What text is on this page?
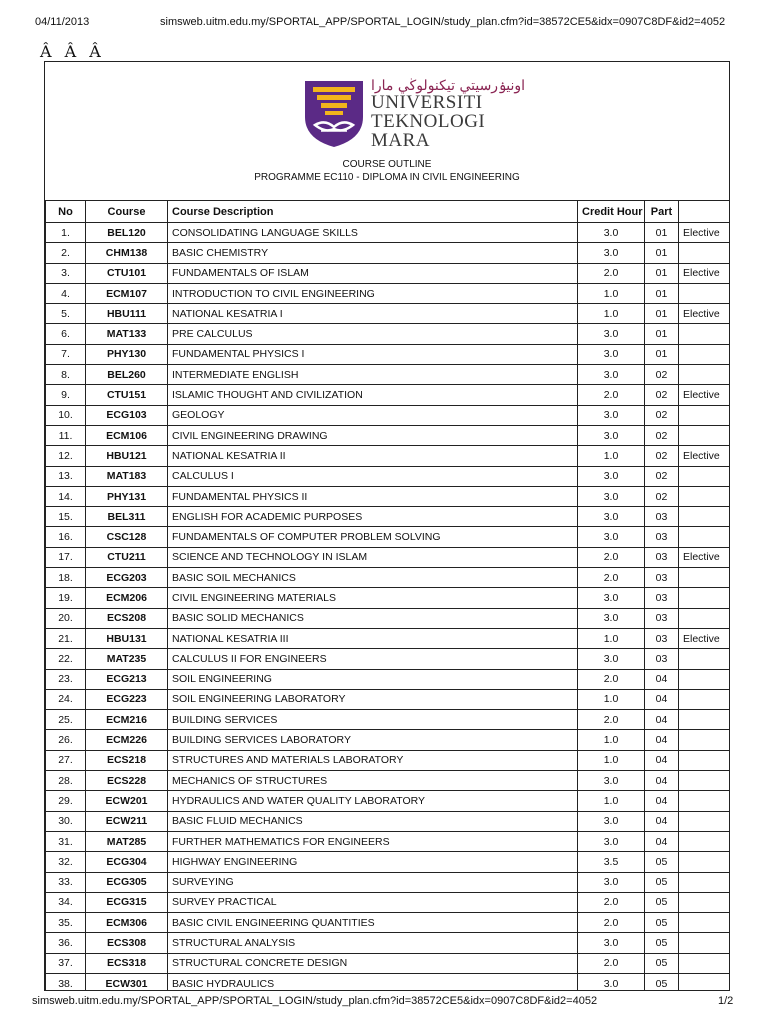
04/11/2013	simsweb.uitm.edu.my/SPORTAL_APP/SPORTAL_LOGIN/study_plan.cfm?id=38572CE5&idx=0907C8DF&id2=4052
Â Â Â
اونيۏرسيتي تيكنولوڬي مارا
UNIVERSITI
TEKNOLOGI
MARA
COURSE OUTLINE
PROGRAMME EC110 - DIPLOMA IN CIVIL ENGINEERING
No	Course	Course Description	Credit Hour	Part	
1.	BEL120	CONSOLIDATING LANGUAGE SKILLS	3.0	01	Elective
2.	CHM138	BASIC CHEMISTRY	3.0	01	
3.	CTU101	FUNDAMENTALS OF ISLAM	2.0	01	Elective
4.	ECM107	INTRODUCTION TO CIVIL ENGINEERING	1.0	01	
5.	HBU111	NATIONAL KESATRIA I	1.0	01	Elective
6.	MAT133	PRE CALCULUS	3.0	01	
7.	PHY130	FUNDAMENTAL PHYSICS I	3.0	01	
8.	BEL260	INTERMEDIATE ENGLISH	3.0	02	
9.	CTU151	ISLAMIC THOUGHT AND CIVILIZATION	2.0	02	Elective
10.	ECG103	GEOLOGY	3.0	02	
11.	ECM106	CIVIL ENGINEERING DRAWING	3.0	02	
12.	HBU121	NATIONAL KESATRIA II	1.0	02	Elective
13.	MAT183	CALCULUS I	3.0	02	
14.	PHY131	FUNDAMENTAL PHYSICS II	3.0	02	
15.	BEL311	ENGLISH FOR ACADEMIC PURPOSES	3.0	03	
16.	CSC128	FUNDAMENTALS OF COMPUTER PROBLEM SOLVING	3.0	03	
17.	CTU211	SCIENCE AND TECHNOLOGY IN ISLAM	2.0	03	Elective
18.	ECG203	BASIC SOIL MECHANICS	2.0	03	
19.	ECM206	CIVIL ENGINEERING MATERIALS	3.0	03	
20.	ECS208	BASIC SOLID MECHANICS	3.0	03	
21.	HBU131	NATIONAL KESATRIA III	1.0	03	Elective
22.	MAT235	CALCULUS II FOR ENGINEERS	3.0	03	
23.	ECG213	SOIL ENGINEERING	2.0	04	
24.	ECG223	SOIL ENGINEERING LABORATORY	1.0	04	
25.	ECM216	BUILDING SERVICES	2.0	04	
26.	ECM226	BUILDING SERVICES LABORATORY	1.0	04	
27.	ECS218	STRUCTURES AND MATERIALS LABORATORY	1.0	04	
28.	ECS228	MECHANICS OF STRUCTURES	3.0	04	
29.	ECW201	HYDRAULICS AND WATER QUALITY LABORATORY	1.0	04	
30.	ECW211	BASIC FLUID MECHANICS	3.0	04	
31.	MAT285	FURTHER MATHEMATICS FOR ENGINEERS	3.0	04	
32.	ECG304	HIGHWAY ENGINEERING	3.5	05	
33.	ECG305	SURVEYING	3.0	05	
34.	ECG315	SURVEY PRACTICAL	2.0	05	
35.	ECM306	BASIC CIVIL ENGINEERING QUANTITIES	2.0	05	
36.	ECS308	STRUCTURAL ANALYSIS	3.0	05	
37.	ECS318	STRUCTURAL CONCRETE DESIGN	2.0	05	
38.	ECW301	BASIC HYDRAULICS	3.0	05	
simsweb.uitm.edu.my/SPORTAL_APP/SPORTAL_LOGIN/study_plan.cfm?id=38572CE5&idx=0907C8DF&id2=4052	1/2
